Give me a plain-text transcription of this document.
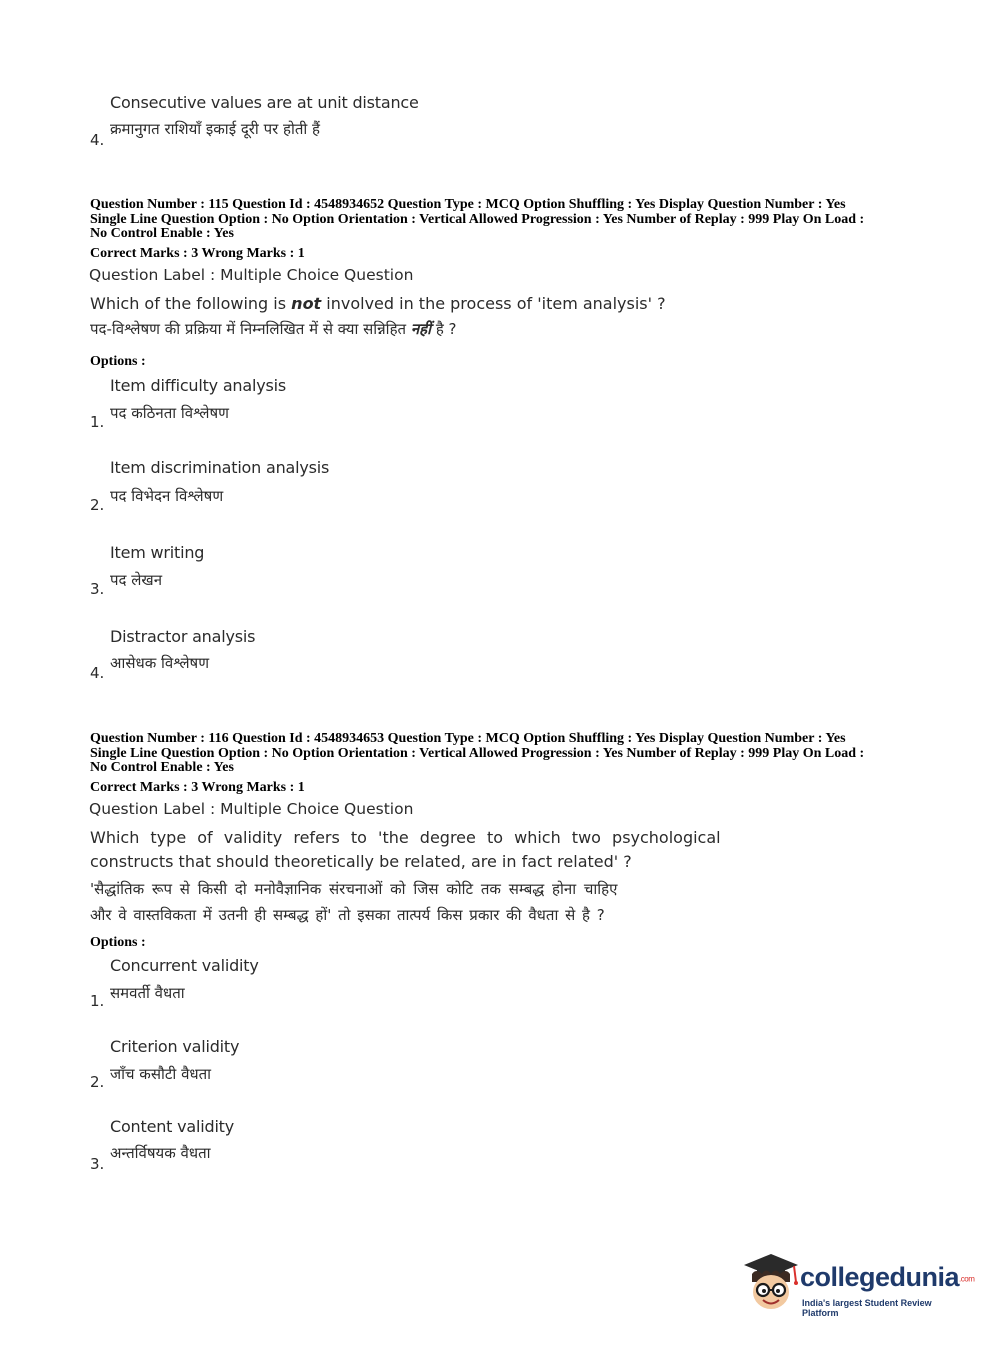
Consecutive values are at unit distance
क्रमानुगत राशियाँ इकाई दूरी पर होती हैं
4.
Question Number : 115 Question Id : 4548934652 Question Type : MCQ Option Shuffling : Yes Display Question Number : Yes
Single Line Question Option : No Option Orientation : Vertical Allowed Progression : Yes Number of Replay : 999 Play On Load :
No Control Enable : Yes
Correct Marks : 3 Wrong Marks : 1
Question Label : Multiple Choice Question
Which of the following is not involved in the process of 'item analysis' ?
पद-विश्लेषण की प्रक्रिया में निम्नलिखित में से क्या सन्निहित नहीं है ?
Options :
Item difficulty analysis
पद कठिनता विश्लेषण
1.
Item discrimination analysis
पद विभेदन विश्लेषण
2.
Item writing
पद लेखन
3.
Distractor analysis
आसेधक विश्लेषण
4.
Question Number : 116 Question Id : 4548934653 Question Type : MCQ Option Shuffling : Yes Display Question Number : Yes
Single Line Question Option : No Option Orientation : Vertical Allowed Progression : Yes Number of Replay : 999 Play On Load :
No Control Enable : Yes
Correct Marks : 3 Wrong Marks : 1
Question Label : Multiple Choice Question
Which type of validity refers to 'the degree to which two psychological
constructs that should theoretically be related, are in fact related' ?
'सैद्धांतिक रूप से किसी दो मनोवैज्ञानिक संरचनाओं को जिस कोटि तक सम्बद्ध होना चाहिए
और वे वास्तविकता में उतनी ही सम्बद्ध हों' तो इसका तात्पर्य किस प्रकार की वैधता से है ?
Options :
Concurrent validity
समवर्ती वैधता
1.
Criterion validity
जाँच कसौटी वैधता
2.
Content validity
अन्तर्विषयक वैधता
3.
collegedunia.com
India's largest Student Review Platform
